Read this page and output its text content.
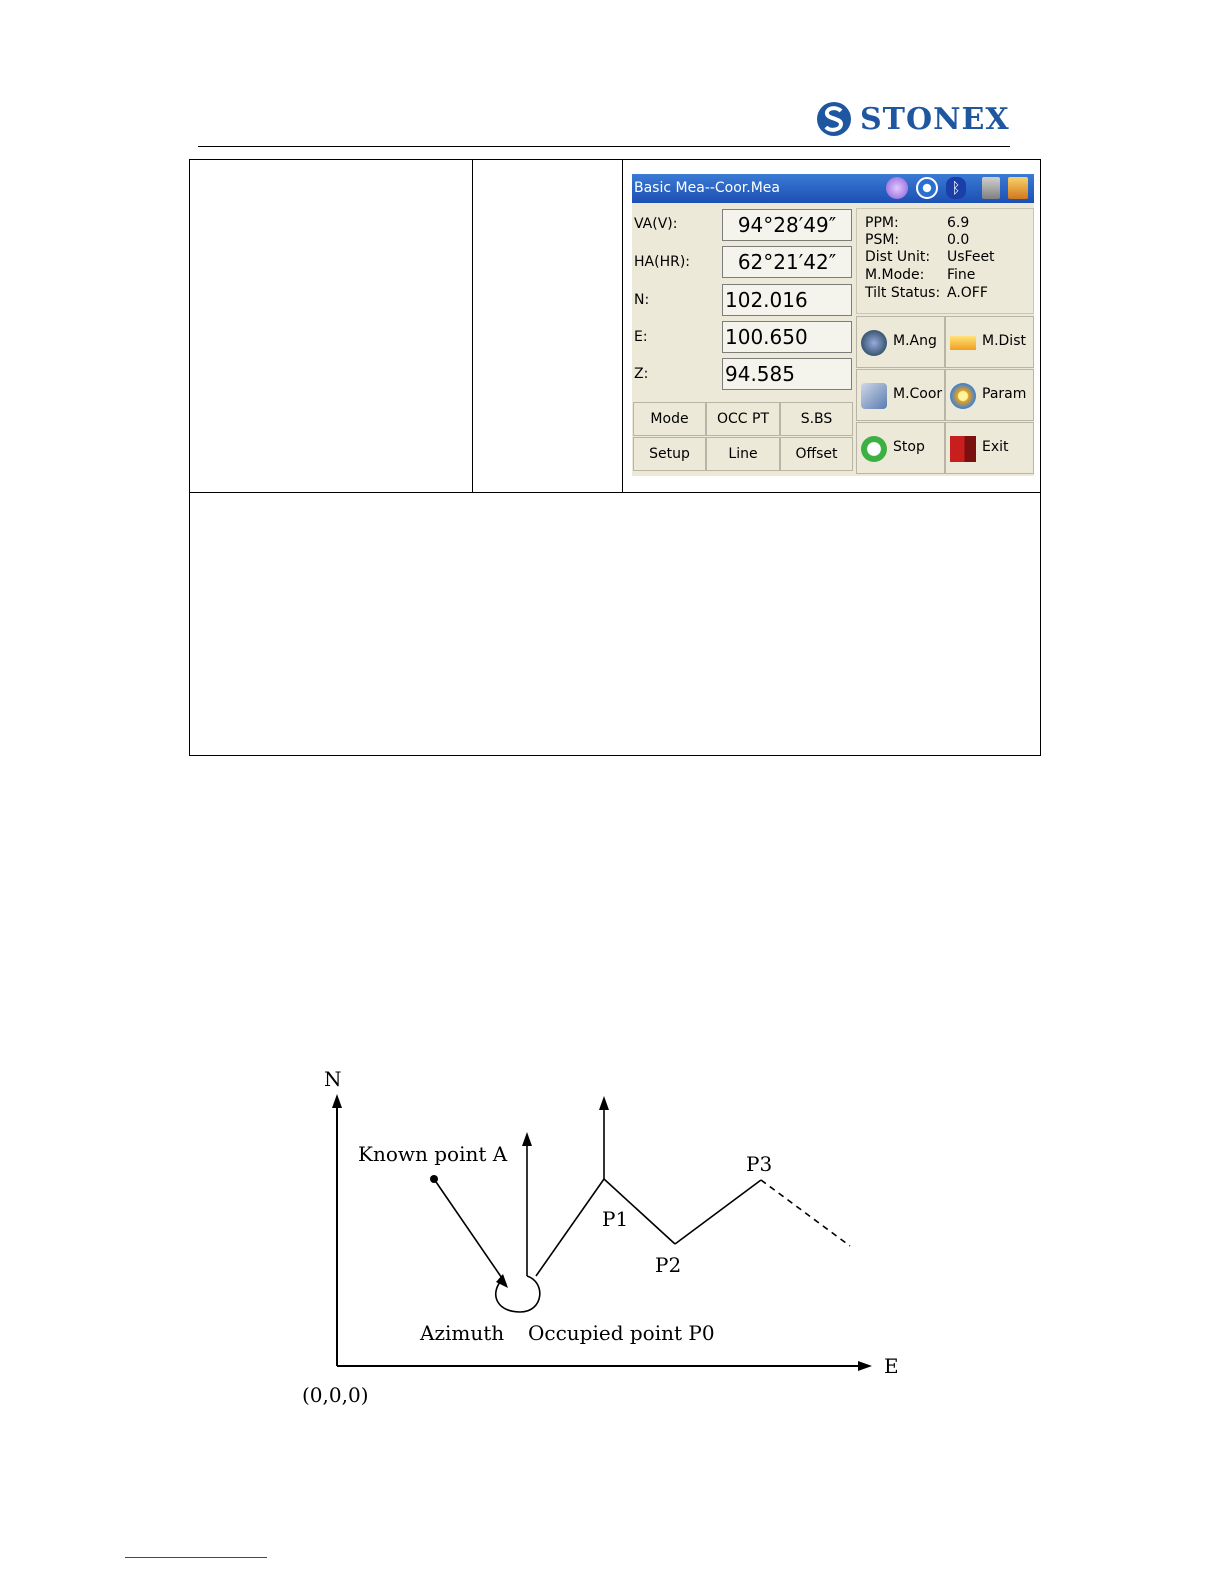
STONEX
Basic Mea--Coor.Mea	ᛒ
VA(V):	94°28′49″
HA(HR):	62°21′42″
N:	102.016
E:	100.650
Z:	94.585
PPM:	6.9
PSM:	0.0
Dist Unit: UsFeet
M.Mode: Fine
Tilt Status: A.OFF
Mode	OCC PT	S.BS
Setup	Line	Offset
M.Ang	M.Dist
M.Coor	Param
Stop	Exit
N
E
(0,0,0)
Known point A
Azimuth Occupied point P0
P1
P2
P3
